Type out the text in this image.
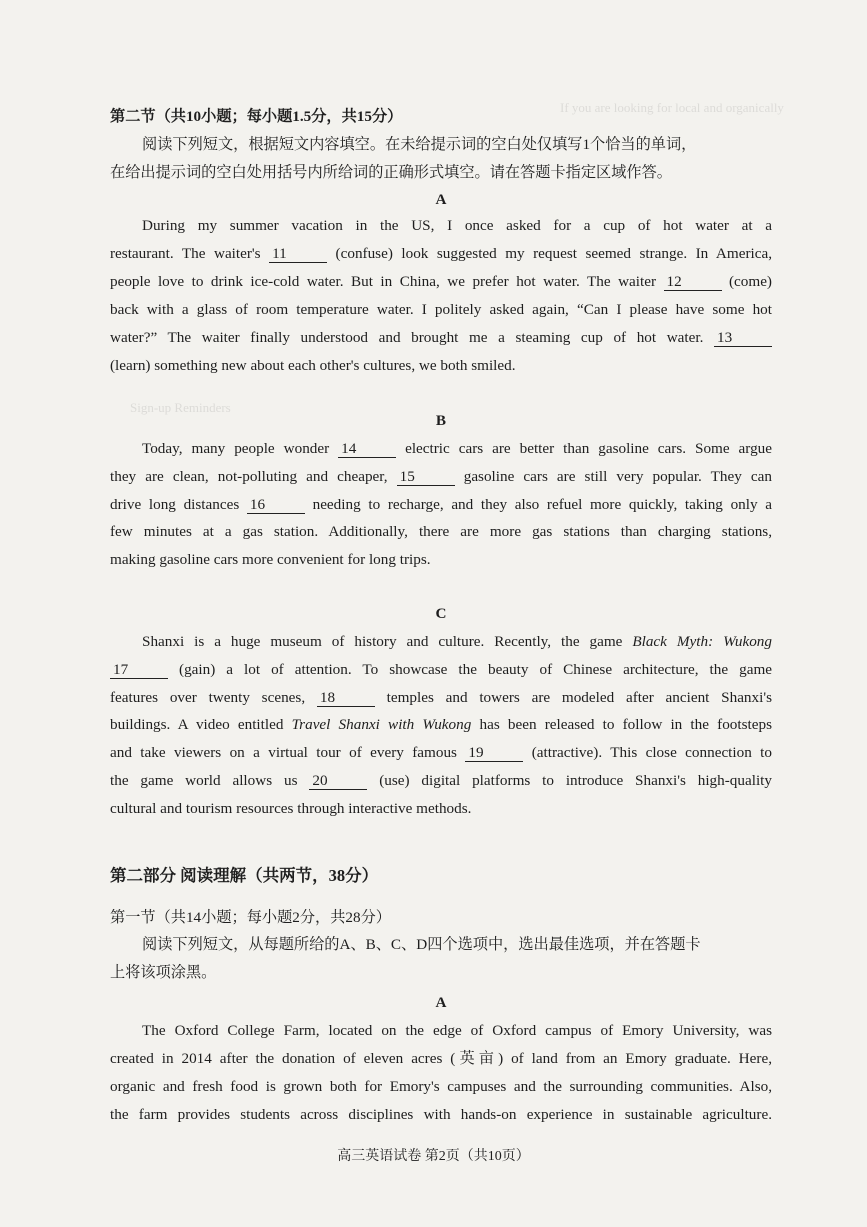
If you are looking for local and organically
Sign-up Reminders
第二节（共10小题；每小题1.5分，共15分）
阅读下列短文，根据短文内容填空。在未给提示词的空白处仅填写1个恰当的单词，
在给出提示词的空白处用括号内所给词的正确形式填空。请在答题卡指定区域作答。
A
During my summer vacation in the US, I once asked for a cup of hot water at a
restaurant. The waiter's 11	(confuse) look suggested my request seemed strange. In America,
people love to drink ice-cold water. But in China, we prefer hot water. The waiter 12	(come)
back with a glass of room temperature water. I politely asked again, “Can I please have some hot
water?” The waiter finally understood and brought me a steaming cup of hot water. 13
(learn) something new about each other's cultures, we both smiled.
B
Today, many people wonder 14	electric cars are better than gasoline cars. Some argue
they are clean, not-polluting and cheaper, 15	gasoline cars are still very popular. They can
drive long distances 16	needing to recharge, and they also refuel more quickly, taking only a
few minutes at a gas station. Additionally, there are more gas stations than charging stations,
making gasoline cars more convenient for long trips.
C
Shanxi is a huge museum of history and culture. Recently, the game Black Myth: Wukong
17	(gain) a lot of attention. To showcase the beauty of Chinese architecture, the game
features over twenty scenes, 18	temples and towers are modeled after ancient Shanxi's
buildings. A video entitled Travel Shanxi with Wukong has been released to follow in the footsteps
and take viewers on a virtual tour of every famous 19	(attractive). This close connection to
the game world allows us 20	(use) digital platforms to introduce Shanxi's high-quality
cultural and tourism resources through interactive methods.
第二部分 阅读理解（共两节，38分）
第一节（共14小题；每小题2分，共28分）
阅读下列短文，从每题所给的A、B、C、D四个选项中，选出最佳选项，并在答题卡
上将该项涂黑。
A
The Oxford College Farm, located on the edge of Oxford campus of Emory University, was
created in 2014 after the donation of eleven acres (英亩) of land from an Emory graduate. Here,
organic and fresh food is grown both for Emory's campuses and the surrounding communities. Also,
the farm provides students across disciplines with hands-on experience in sustainable agriculture.
高三英语试卷 第2页（共10页）
